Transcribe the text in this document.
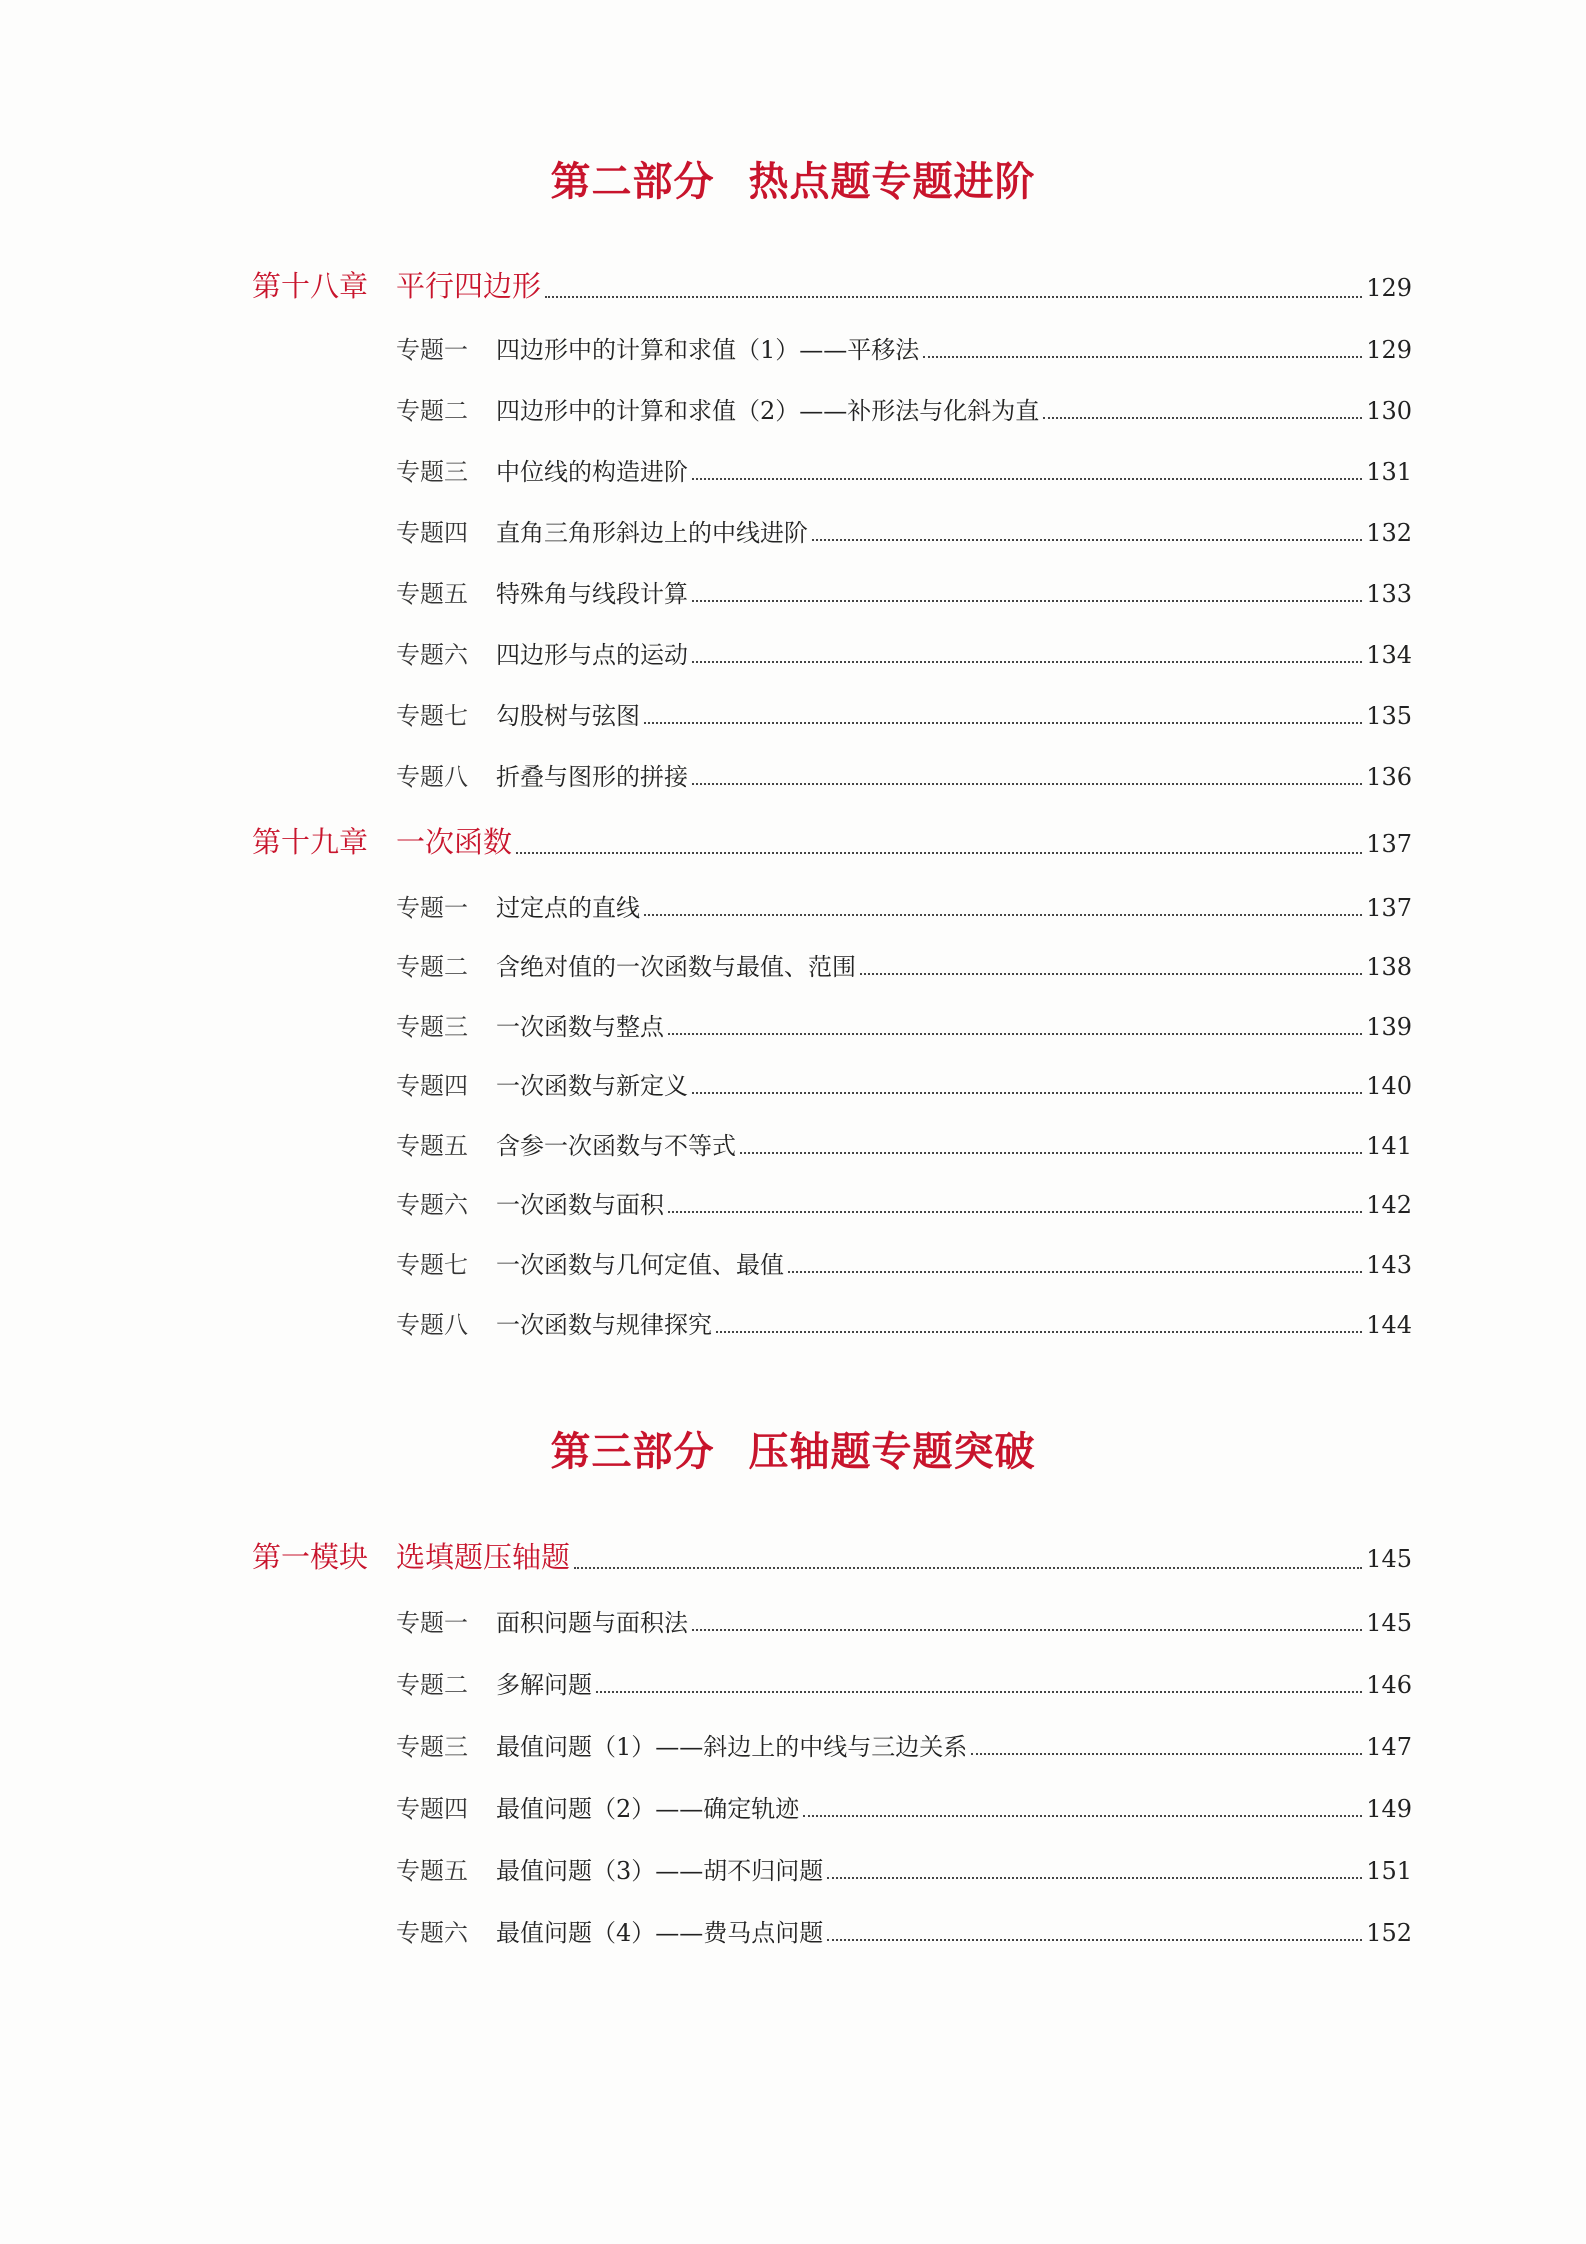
第二部分 热点题专题进阶
第十八章 平行四边形	129
专题一	四边形中的计算和求值（1）——平移法	129
专题二	四边形中的计算和求值（2）——补形法与化斜为直	130
专题三	中位线的构造进阶	131
专题四	直角三角形斜边上的中线进阶	132
专题五	特殊角与线段计算	133
专题六	四边形与点的运动	134
专题七	勾股树与弦图	135
专题八	折叠与图形的拼接	136
第十九章 一次函数	137
专题一	过定点的直线	137
专题二	含绝对值的一次函数与最值、范围	138
专题三	一次函数与整点	139
专题四	一次函数与新定义	140
专题五	含参一次函数与不等式	141
专题六	一次函数与面积	142
专题七	一次函数与几何定值、最值	143
专题八	一次函数与规律探究	144
第三部分 压轴题专题突破
第一模块 选填题压轴题	145
专题一	面积问题与面积法	145
专题二	多解问题	146
专题三	最值问题（1）——斜边上的中线与三边关系	147
专题四	最值问题（2）——确定轨迹	149
专题五	最值问题（3）——胡不归问题	151
专题六	最值问题（4）——费马点问题	152
